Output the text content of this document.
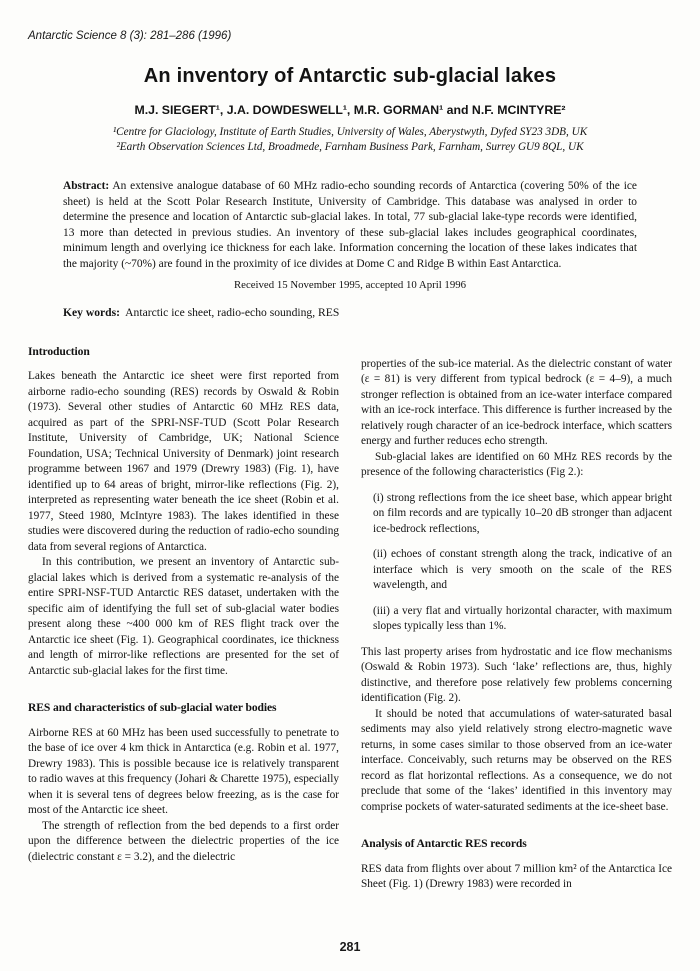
Antarctic Science 8 (3): 281–286 (1996)
An inventory of Antarctic sub-glacial lakes
M.J. SIEGERT¹, J.A. DOWDESWELL¹, M.R. GORMAN¹ and N.F. MCINTYRE²
¹Centre for Glaciology, Institute of Earth Studies, University of Wales, Aberystwyth, Dyfed SY23 3DB, UK
²Earth Observation Sciences Ltd, Broadmede, Farnham Business Park, Farnham, Surrey GU9 8QL, UK

Abstract: An extensive analogue database of 60 MHz radio-echo sounding records of Antarctica (covering 50% of the ice sheet) is held at the Scott Polar Research Institute, University of Cambridge. This database was analysed in order to determine the presence and location of Antarctic sub-glacial lakes. In total, 77 sub-glacial lake-type records were identified, 13 more than detected in previous studies. An inventory of these sub-glacial lakes includes geographical coordinates, minimum length and overlying ice thickness for each lake. Information concerning the location of these lakes indicates that the majority (~70%) are found in the proximity of ice divides at Dome C and Ridge B within East Antarctica.

Received 15 November 1995, accepted 10 April 1996

Key words: Antarctic ice sheet, radio-echo sounding, RES

Introduction

Lakes beneath the Antarctic ice sheet were first reported from airborne radio-echo sounding (RES) records by Oswald & Robin (1973). Several other studies of Antarctic 60 MHz RES data, acquired as part of the SPRI-NSF-TUD (Scott Polar Research Institute, University of Cambridge, UK; National Science Foundation, USA; Technical University of Denmark) joint research programme between 1967 and 1979 (Drewry 1983) (Fig. 1), have identified up to 64 areas of bright, mirror-like reflections (Fig. 2), interpreted as representing water beneath the ice sheet (Robin et al. 1977, Steed 1980, McIntyre 1983). The lakes identified in these studies were discovered during the reduction of radio-echo sounding data from several regions of Antarctica.

In this contribution, we present an inventory of Antarctic sub-glacial lakes which is derived from a systematic re-analysis of the entire SPRI-NSF-TUD Antarctic RES dataset, undertaken with the specific aim of identifying the full set of sub-glacial water bodies present along these ~400 000 km of RES flight track over the Antarctic ice sheet (Fig. 1). Geographical coordinates, ice thickness and length of mirror-like reflections are presented for the set of Antarctic sub-glacial lakes for the first time.

RES and characteristics of sub-glacial water bodies

Airborne RES at 60 MHz has been used successfully to penetrate to the base of ice over 4 km thick in Antarctica (e.g. Robin et al. 1977, Drewry 1983). This is possible because ice is relatively transparent to radio waves at this frequency (Johari & Charette 1975), especially when it is several tens of degrees below freezing, as is the case for most of the Antarctic ice sheet.

The strength of reflection from the bed depends to a first order upon the difference between the dielectric properties of the ice (dielectric constant ε = 3.2), and the dielectric

properties of the sub-ice material. As the dielectric constant of water (ε = 81) is very different from typical bedrock (ε = 4–9), a much stronger reflection is obtained from an ice-water interface compared with an ice-rock interface. This difference is further increased by the relatively rough character of an ice-bedrock interface, which scatters energy and further reduces echo strength.

Sub-glacial lakes are identified on 60 MHz RES records by the presence of the following characteristics (Fig 2.):

(i) strong reflections from the ice sheet base, which appear bright on film records and are typically 10–20 dB stronger than adjacent ice-bedrock reflections,

(ii) echoes of constant strength along the track, indicative of an interface which is very smooth on the scale of the RES wavelength, and

(iii) a very flat and virtually horizontal character, with maximum slopes typically less than 1%.

This last property arises from hydrostatic and ice flow mechanisms (Oswald & Robin 1973). Such ‘lake’ reflections are, thus, highly distinctive, and therefore pose relatively few problems concerning identification (Fig. 2).

It should be noted that accumulations of water-saturated basal sediments may also yield relatively strong electro-magnetic wave returns, in some cases similar to those observed from an ice-water interface. Conceivably, such returns may be observed on the RES record as flat horizontal reflections. As a consequence, we do not preclude that some of the ‘lakes’ identified in this inventory may comprise pockets of water-saturated sediments at the ice-sheet base.

Analysis of Antarctic RES records

RES data from flights over about 7 million km² of the Antarctica Ice Sheet (Fig. 1) (Drewry 1983) were recorded in

281
